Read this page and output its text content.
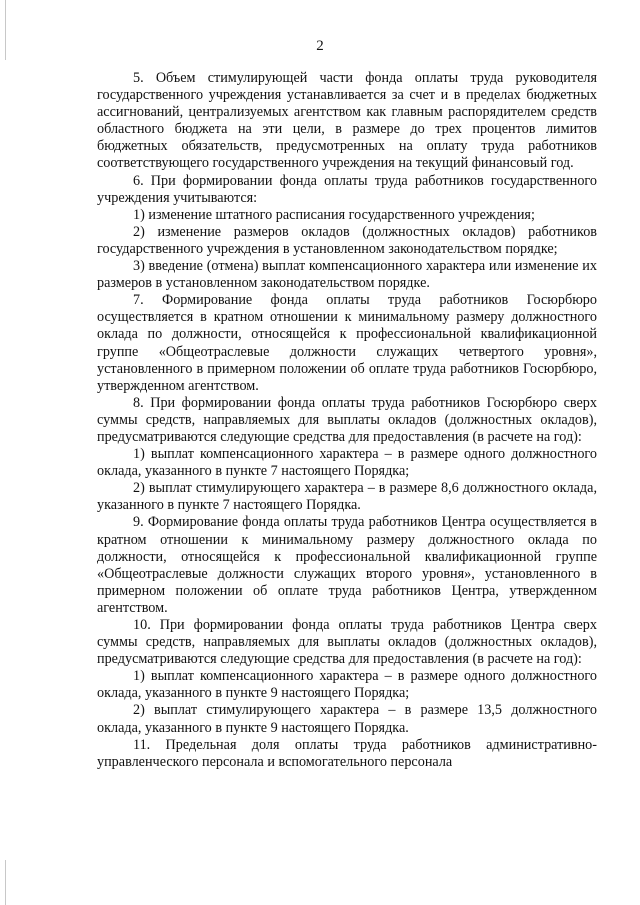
2

5. Объем стимулирующей части фонда оплаты труда руководителя государственного учреждения устанавливается за счет и в пределах бюджетных ассигнований, централизуемых агентством как главным распорядителем средств областного бюджета на эти цели, в размере до трех процентов лимитов бюджетных обязательств, предусмотренных на оплату труда работников соответствующего государственного учреждения на текущий финансовый год.

6. При формировании фонда оплаты труда работников государственного учреждения учитываются:

1) изменение штатного расписания государственного учреждения;

2) изменение размеров окладов (должностных окладов) работников государственного учреждения в установленном законодательством порядке;

3) введение (отмена) выплат компенсационного характера или изменение их размеров в установленном законодательством порядке.

7. Формирование фонда оплаты труда работников Госюрбюро осуществляется в кратном отношении к минимальному размеру должностного оклада по должности, относящейся к профессиональной квалификационной группе «Общеотраслевые должности служащих четвертого уровня», установленного в примерном положении об оплате труда работников Госюрбюро, утвержденном агентством.

8. При формировании фонда оплаты труда работников Госюрбюро сверх суммы средств, направляемых для выплаты окладов (должностных окладов), предусматриваются следующие средства для предоставления (в расчете на год):

1) выплат компенсационного характера – в размере одного должностного оклада, указанного в пункте 7 настоящего Порядка;

2) выплат стимулирующего характера – в размере 8,6 должностного оклада, указанного в пункте 7 настоящего Порядка.

9. Формирование фонда оплаты труда работников Центра осуществляется в кратном отношении к минимальному размеру должностного оклада по должности, относящейся к профессиональной квалификационной группе «Общеотраслевые должности служащих второго уровня», установленного в примерном положении об оплате труда работников Центра, утвержденном агентством.

10. При формировании фонда оплаты труда работников Центра сверх суммы средств, направляемых для выплаты окладов (должностных окладов), предусматриваются следующие средства для предоставления (в расчете на год):

1) выплат компенсационного характера – в размере одного должностного оклада, указанного в пункте 9 настоящего Порядка;

2) выплат стимулирующего характера – в размере 13,5 должностного оклада, указанного в пункте 9 настоящего Порядка.

11. Предельная доля оплаты труда работников административно-управленческого персонала и вспомогательного персонала
